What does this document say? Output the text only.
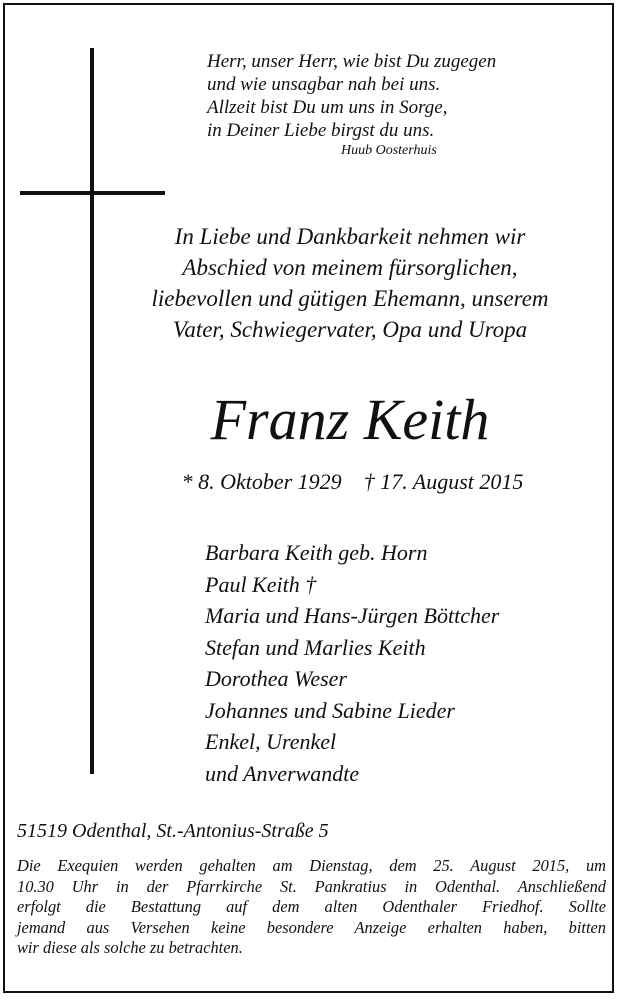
Herr, unser Herr, wie bist Du zugegen
und wie unsagbar nah bei uns.
Allzeit bist Du um uns in Sorge,
in Deiner Liebe birgst du uns.
Huub Oosterhuis
In Liebe und Dankbarkeit nehmen wir
Abschied von meinem fürsorglichen,
liebevollen und gütigen Ehemann, unserem
Vater, Schwiegervater, Opa und Uropa
Franz Keith
* 8. Oktober 1929 † 17. August 2015
Barbara Keith geb. Horn
Paul Keith †
Maria und Hans-Jürgen Böttcher
Stefan und Marlies Keith
Dorothea Weser
Johannes und Sabine Lieder
Enkel, Urenkel
und Anverwandte
51519 Odenthal, St.-Antonius-Straße 5
Die Exequien werden gehalten am Dienstag, dem 25. August 2015, um
10.30 Uhr in der Pfarrkirche St. Pankratius in Odenthal. Anschließend
erfolgt die Bestattung auf dem alten Odenthaler Friedhof. Sollte
jemand aus Versehen keine besondere Anzeige erhalten haben, bitten
wir diese als solche zu betrachten.
